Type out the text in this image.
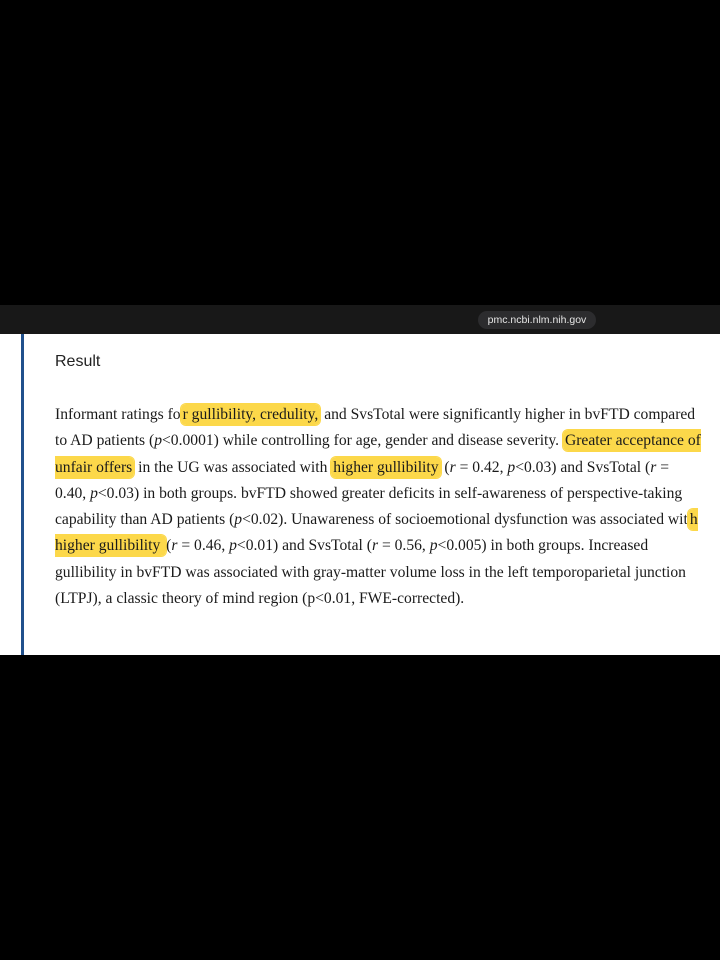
pmc.ncbi.nlm.nih.gov
Result

Informant ratings fo r gullibility, credulity, and SvsTotal were significantly higher in bvFTD compared to AD patients (p<0.0001) while controlling for age, gender and disease severity. Greater acceptance of unfair offers in the UG was associated with higher gullibility (r = 0.42, p<0.03) and SvsTotal (r = 0.40, p<0.03) in both groups. bvFTD showed greater deficits in self-awareness of perspective-taking capability than AD patients (p<0.02). Unawareness of socioemotional dysfunction was associated wit h higher gullibility (r = 0.46, p<0.01) and SvsTotal (r = 0.56, p<0.005) in both groups. Increased gullibility in bvFTD was associated with gray-matter volume loss in the left temporoparietal junction (LTPJ), a classic theory of mind region (p<0.01, FWE-corrected).
